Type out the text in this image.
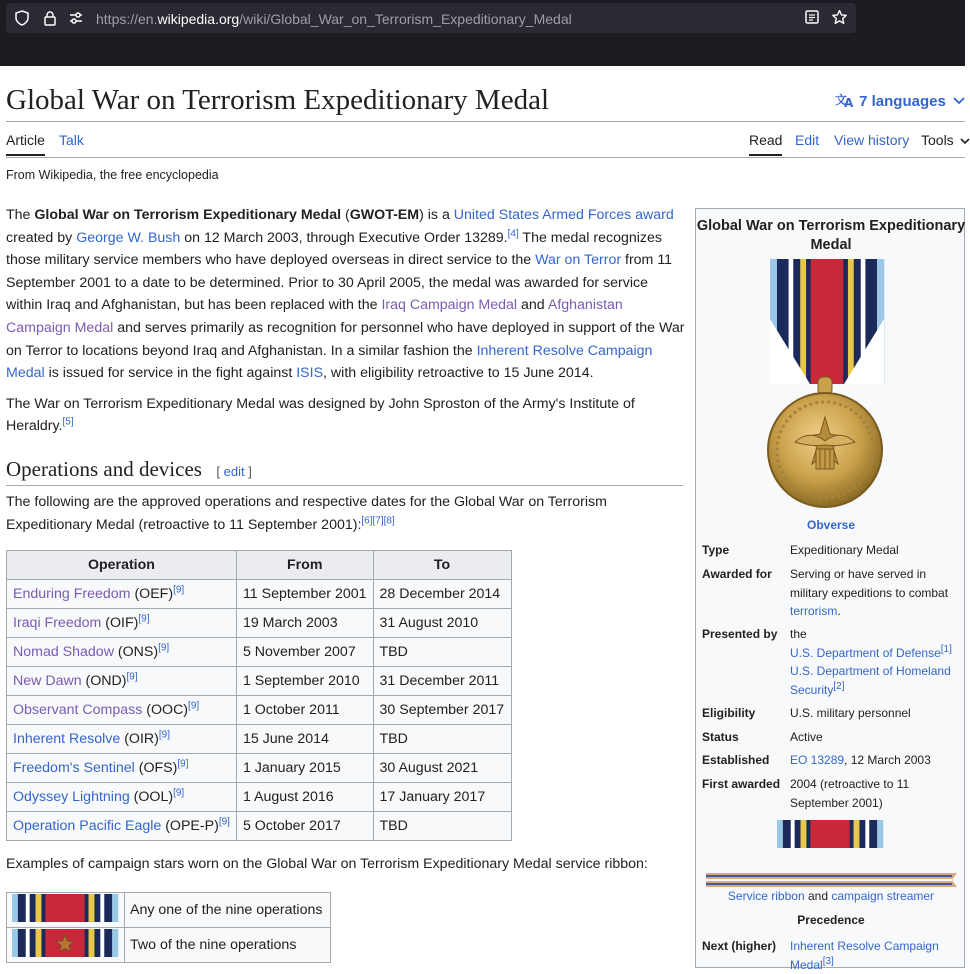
https://en.wikipedia.org/wiki/Global_War_on_Terrorism_Expeditionary_Medal
Global War on Terrorism Expeditionary Medal	文
A 7 languages
Article Talk	Read Edit View history Tools
From Wikipedia, the free encyclopedia

The Global War on Terrorism Expeditionary Medal (GWOT-EM) is a United States Armed Forces award created by George W. Bush on 12 March 2003, through Executive Order 13289.[4] The medal recognizes those military service members who have deployed overseas in direct service to the War on Terror from 11 September 2001 to a date to be determined. Prior to 30 April 2005, the medal was awarded for service within Iraq and Afghanistan, but has been replaced with the Iraq Campaign Medal and Afghanistan Campaign Medal and serves primarily as recognition for personnel who have deployed in support of the War on Terror to locations beyond Iraq and Afghanistan. In a similar fashion the Inherent Resolve Campaign Medal is issued for service in the fight against ISIS, with eligibility retroactive to 15 June 2014.

The War on Terrorism Expeditionary Medal was designed by John Sproston of the Army's Institute of Heraldry.[5]

Operations and devices [ edit ]
The following are the approved operations and respective dates for the Global War on Terrorism Expeditionary Medal (retroactive to 11 September 2001):[6][7][8]
Operation	From	To
Enduring Freedom (OEF)[9]	11 September 2001	28 December 2014
Iraqi Freedom (OIF)[9]	19 March 2003	31 August 2010
Nomad Shadow (ONS)[9]	5 November 2007	TBD
New Dawn (OND)[9]	1 September 2010	31 December 2011
Observant Compass (OOC)[9]	1 October 2011	30 September 2017
Inherent Resolve (OIR)[9]	15 June 2014	TBD
Freedom's Sentinel (OFS)[9]	1 January 2015	30 August 2021
Odyssey Lightning (OOL)[9]	1 August 2016	17 January 2017
Operation Pacific Eagle (OPE-P)[9]	5 October 2017	TBD
Examples of campaign stars worn on the Global War on Terrorism Expeditionary Medal service ribbon:
	Any one of the nine operations
	Two of the nine operations
Global War on Terrorism Expeditionary Medal
Obverse
Type	Expeditionary Medal
Awarded for	Serving or have served in military expeditions to combat terrorism.
Presented by	the
U.S. Department of Defense[1]
U.S. Department of Homeland Security[2]
Eligibility	U.S. military personnel
Status	Active
Established	EO 13289, 12 March 2003
First awarded 2004 (retroactive to 11 September 2001)
Service ribbon and campaign streamer
Precedence
Next (higher)	Inherent Resolve Campaign Medal[3]
